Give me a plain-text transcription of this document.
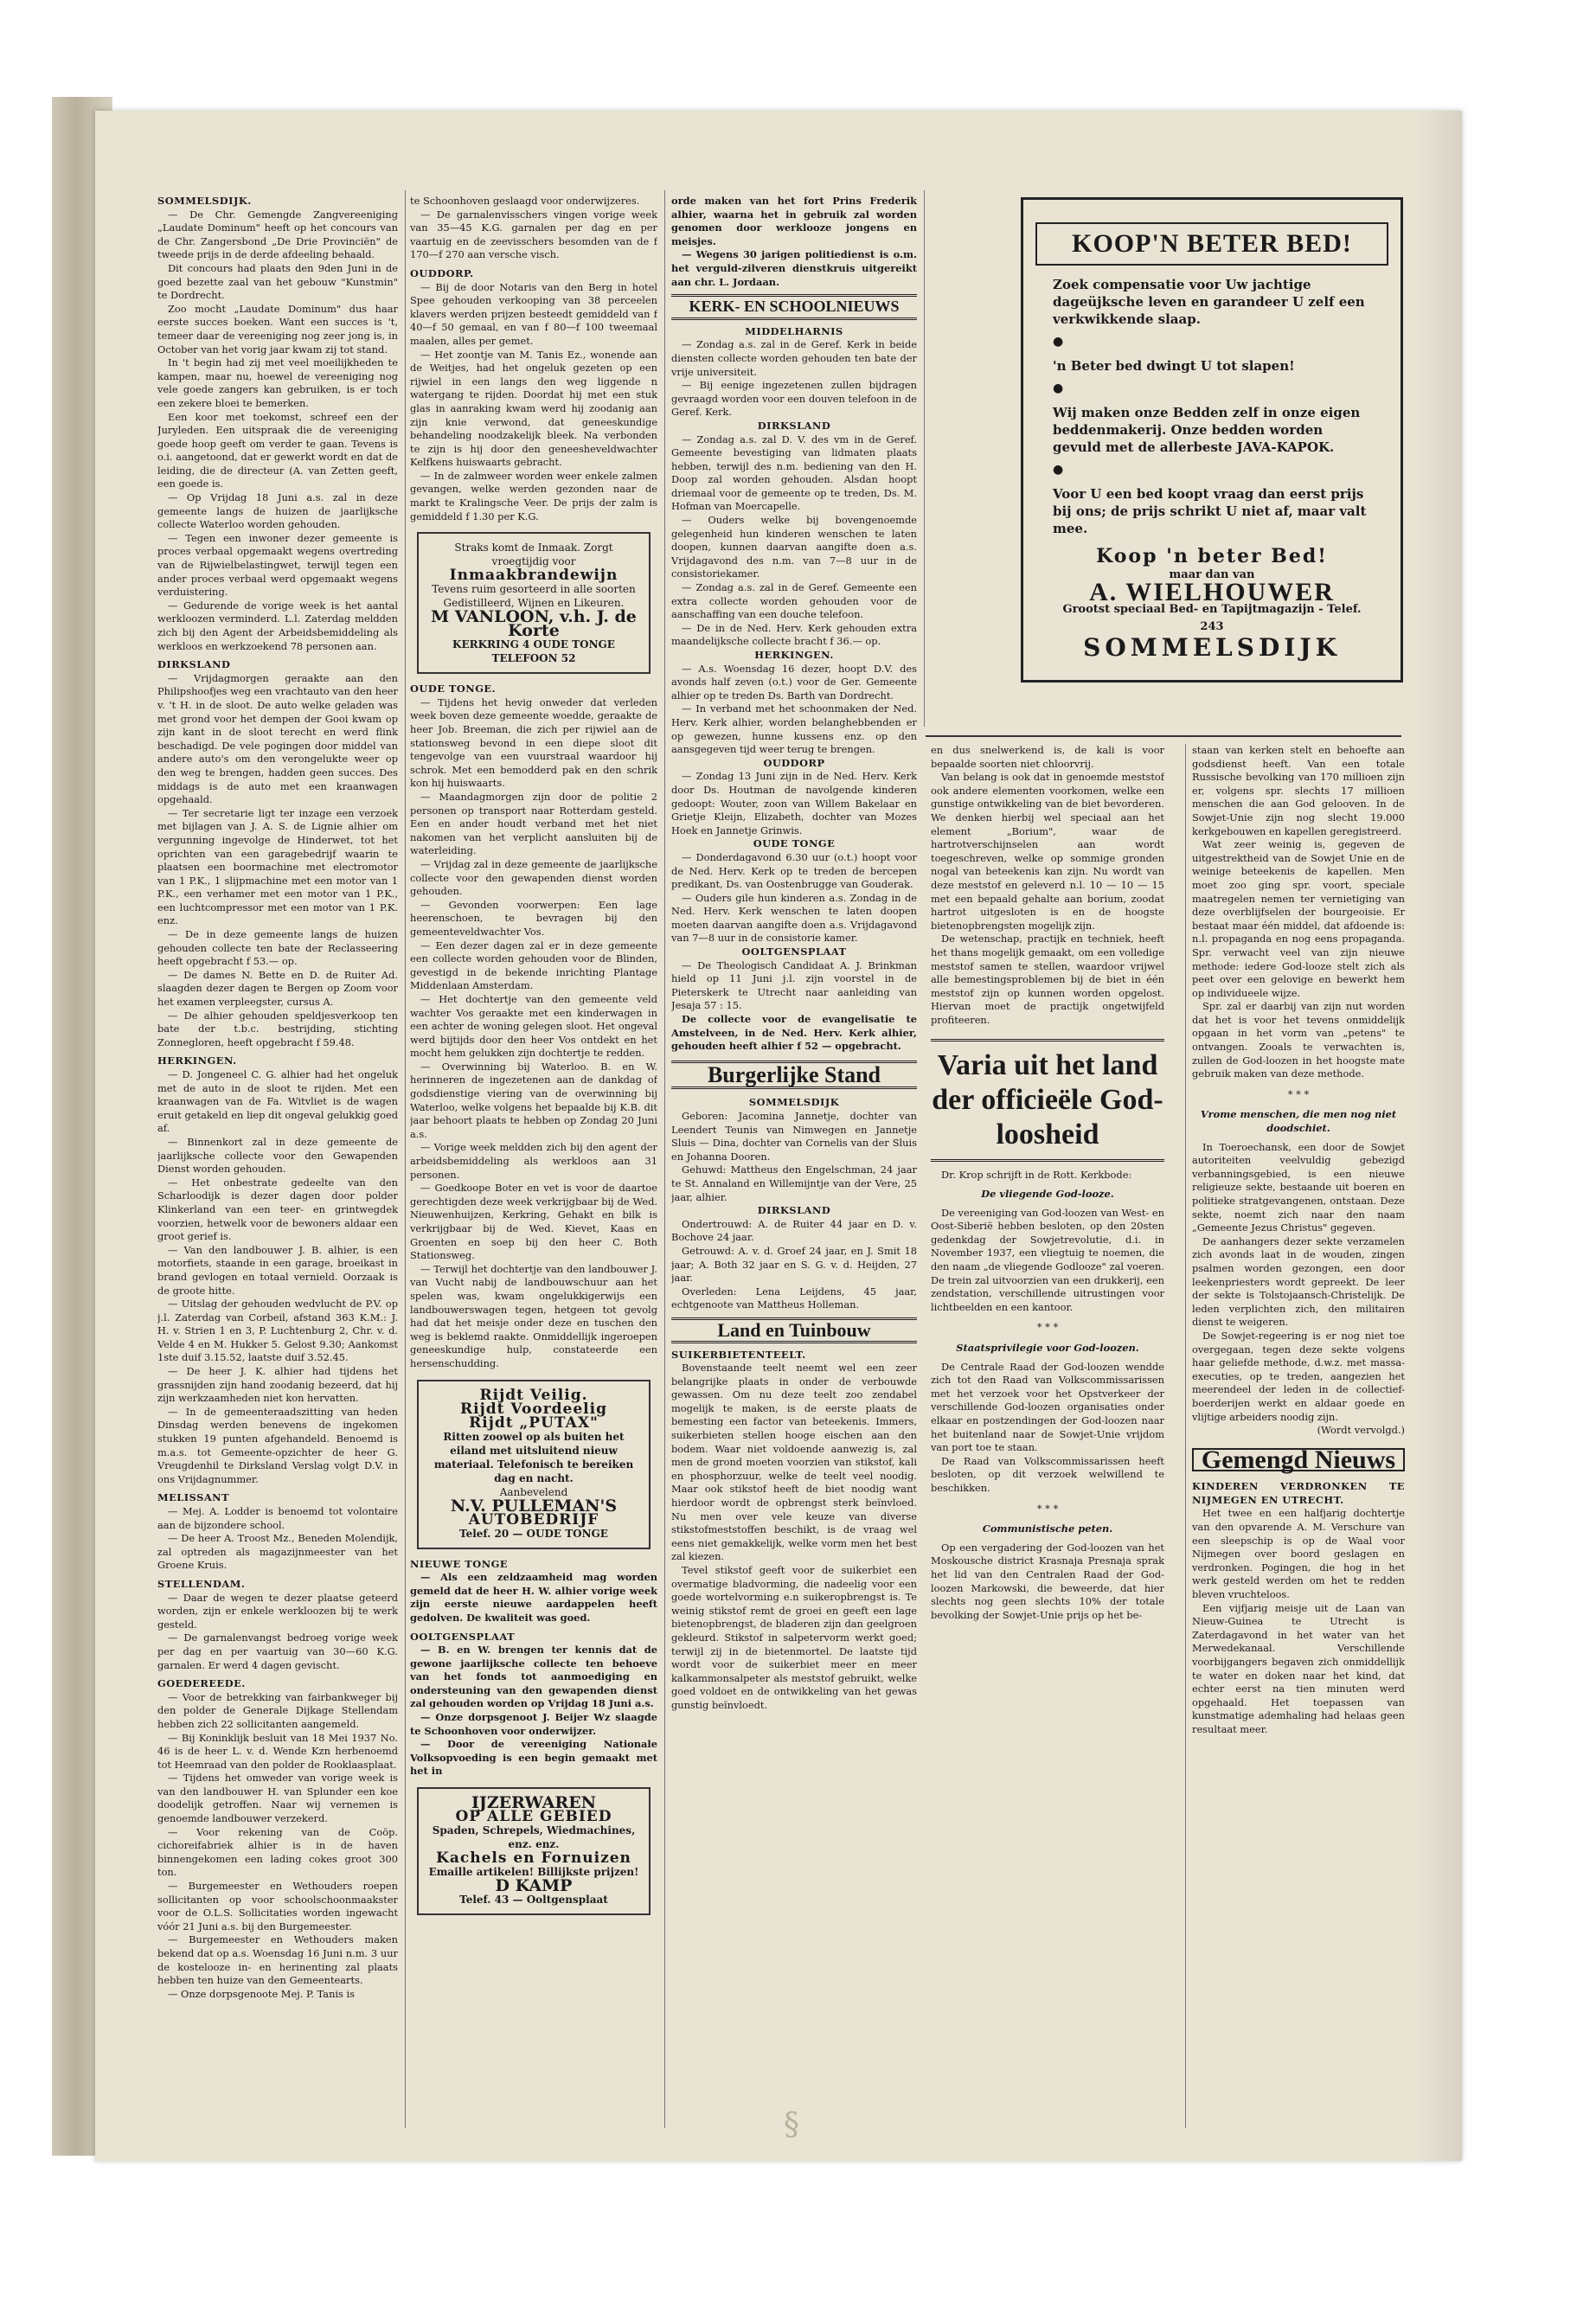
SOMMELSDIJK.

— De Chr. Gemengde Zangvereeniging „Laudate Dominum" heeft op het concours van de Chr. Zangersbond „De Drie Provinciën" de tweede prijs in de derde afdeeling behaald.

Dit concours had plaats den 9den Juni in de goed bezette zaal van het gebouw "Kunstmin" te Dordrecht.

Zoo mocht „Laudate Dominum" dus haar eerste succes boeken. Want een succes is 't, temeer daar de vereeniging nog zeer jong is, in October van het vorig jaar kwam zij tot stand.

In 't begin had zij met veel moeilijkheden te kampen, maar nu, hoewel de vereeniging nog vele goede zangers kan gebruiken, is er toch een zekere bloei te bemerken.

Een koor met toekomst, schreef een der Juryleden. Een uitspraak die de vereeniging goede hoop geeft om verder te gaan. Tevens is o.i. aangetoond, dat er gewerkt wordt en dat de leiding, die de directeur (A. van Zetten geeft, een goede is.

— Op Vrijdag 18 Juni a.s. zal in deze gemeente langs de huizen de jaarlijksche collecte Waterloo worden gehouden.

— Tegen een inwoner dezer gemeente is proces verbaal opgemaakt wegens overtreding van de Rijwielbelastingwet, terwijl tegen een ander proces verbaal werd opgemaakt wegens verduistering.

— Gedurende de vorige week is het aantal werkloozen verminderd. L.l. Zaterdag meldden zich bij den Agent der Arbeidsbemiddeling als werkloos en werkzoekend 78 personen aan.

DIRKSLAND

— Vrijdagmorgen geraakte aan den Philipshoofjes weg een vrachtauto van den heer v. 't H. in de sloot. De auto welke geladen was met grond voor het dempen der Gooi kwam op zijn kant in de sloot terecht en werd flink beschadigd. De vele pogingen door middel van andere auto's om den verongelukte weer op den weg te brengen, hadden geen succes. Des middags is de auto met een kraanwagen opgehaald.

— Ter secretarie ligt ter inzage een verzoek met bijlagen van J. A. S. de Lignie alhier om vergunning ingevolge de Hinderwet, tot het oprichten van een garagebedrijf waarin te plaatsen een boormachine met electromotor van 1 P.K., 1 slijpmachine met een motor van 1 P.K., een verhamer met een motor van 1 P.K., een luchtcompressor met een motor van 1 P.K. enz.

— De in deze gemeente langs de huizen gehouden collecte ten bate der Reclasseering heeft opgebracht f 53.— op.

— De dames N. Bette en D. de Ruiter Ad. slaagden dezer dagen te Bergen op Zoom voor het examen verpleegster, cursus A.

— De alhier gehouden speldjesverkoop ten bate der t.b.c. bestrijding, stichting Zonnegloren, heeft opgebracht f 59.48.

HERKINGEN.

— D. Jongeneel C. G. alhier had het ongeluk met de auto in de sloot te rijden. Met een kraanwagen van de Fa. Witvliet is de wagen eruit getakeld en liep dit ongeval gelukkig goed af.

— Binnenkort zal in deze gemeente de jaarlijksche collecte voor den Gewapenden Dienst worden gehouden.

— Het onbestrate gedeelte van den Scharloodijk is dezer dagen door polder Klinkerland van een teer- en grintwegdek voorzien, hetwelk voor de bewoners aldaar een groot gerief is.

— Van den landbouwer J. B. alhier, is een motorfiets, staande in een garage, broeikast in brand gevlogen en totaal vernield. Oorzaak is de groote hitte.

— Uitslag der gehouden wedvlucht de P.V. op j.l. Zaterdag van Corbeil, afstand 363 K.M.: J. H. v. Strien 1 en 3, P. Luchtenburg 2, Chr. v. d. Velde 4 en M. Hukker 5. Gelost 9.30; Aankomst 1ste duif 3.15.52, laatste duif 3.52.45.

— De heer J. K. alhier had tijdens het grassnijden zijn hand zoodanig bezeerd, dat hij zijn werkzaamheden niet kon hervatten.

— In de gemeenteraadszitting van heden Dinsdag werden benevens de ingekomen stukken 19 punten afgehandeld. Benoemd is m.a.s. tot Gemeente-opzichter de heer G. Vreugdenhil te Dirksland Verslag volgt D.V. in ons Vrijdagnummer.

MELISSANT

— Mej. A. Lodder is benoemd tot volontaire aan de bijzondere school.

— De heer A. Troost Mz., Beneden Molendijk, zal optreden als magazijnmeester van het Groene Kruis.

STELLENDAM.

— Daar de wegen te dezer plaatse geteerd worden, zijn er enkele werkloozen bij te werk gesteld.

— De garnalenvangst bedroeg vorige week per dag en per vaartuig van 30—60 K.G. garnalen. Er werd 4 dagen gevischt.

GOEDEREEDE.

— Voor de betrekking van fairbankweger bij den polder de Generale Dijkage Stellendam hebben zich 22 sollicitanten aangemeld.

— Bij Koninklijk besluit van 18 Mei 1937 No. 46 is de heer L. v. d. Wende Kzn herbenoemd tot Heemraad van den polder de Rooklaasplaat.

— Tijdens het omweder van vorige week is van den landbouwer H. van Splunder een koe doodelijk getroffen. Naar wij vernemen is genoemde landbouwer verzekerd.

— Voor rekening van de Coöp. cichoreifabriek alhier is in de haven binnengekomen een lading cokes groot 300 ton.

— Burgemeester en Wethouders roepen sollicitanten op voor schoolschoonmaakster voor de O.L.S. Sollicitaties worden ingewacht vóór 21 Juni a.s. bij den Burgemeester.

— Burgemeester en Wethouders maken bekend dat op a.s. Woensdag 16 Juni n.m. 3 uur de kostelooze in- en herinenting zal plaats hebben ten huize van den Gemeentearts.

— Onze dorpsgenoote Mej. P. Tanis is

te Schoonhoven geslaagd voor onderwijzeres.

— De garnalenvisschers vingen vorige week van 35—45 K.G. garnalen per dag en per vaartuig en de zeevisschers besomden van de f 170—f 270 aan versche visch.

OUDDORP.

— Bij de door Notaris van den Berg in hotel Spee gehouden verkooping van 38 perceelen klavers werden prijzen besteedt gemiddeld van f 40—f 50 gemaal, en van f 80—f 100 tweemaal maalen, alles per gemet.

— Het zoontje van M. Tanis Ez., wonende aan de Weitjes, had het ongeluk gezeten op een rijwiel in een langs den weg liggende n watergang te rijden. Doordat hij met een stuk glas in aanraking kwam werd hij zoodanig aan zijn knie verwond, dat geneeskundige behandeling noodzakelijk bleek. Na verbonden te zijn is hij door den geneesheveldwachter Kelfkens huiswaarts gebracht.

— In de zalmweer worden weer enkele zalmen gevangen, welke werden gezonden naar de markt te Kralingsche Veer. De prijs der zalm is gemiddeld f 1.30 per K.G.

Straks komt de Inmaak. Zorgt vroegtijdig voor
Inmaakbrandewijn
Tevens ruim gesorteerd in alle soorten Gedistilleerd, Wijnen en Likeuren.
M VANLOON, v.h. J. de Korte
KERKRING 4 OUDE TONGE
TELEFOON 52
OUDE TONGE.

— Tijdens het hevig onweder dat verleden week boven deze gemeente woedde, geraakte de heer Job. Breeman, die zich per rijwiel aan de stationsweg bevond in een diepe sloot dit tengevolge van een vuurstraal waardoor hij schrok. Met een bemodderd pak en den schrik kon hij huiswaarts.

— Maandagmorgen zijn door de politie 2 personen op transport naar Rotterdam gesteld. Een en ander houdt verband met het niet nakomen van het verplicht aansluiten bij de waterleiding.

— Vrijdag zal in deze gemeente de jaarlijksche collecte voor den gewapenden dienst worden gehouden.

— Gevonden voorwerpen: Een lage heerenschoen, te bevragen bij den gemeenteveldwachter Vos.

— Een dezer dagen zal er in deze gemeente een collecte worden gehouden voor de Blinden, gevestigd in de bekende inrichting Plantage Middenlaan Amsterdam.

— Het dochtertje van den gemeente veld wachter Vos geraakte met een kinderwagen in een achter de woning gelegen sloot. Het ongeval werd bijtijds door den heer Vos ontdekt en het mocht hem gelukken zijn dochtertje te redden.

— Overwinning bij Waterloo. B. en W. herinneren de ingezetenen aan de dankdag of godsdienstige viering van de overwinning bij Waterloo, welke volgens het bepaalde bij K.B. dit jaar behoort plaats te hebben op Zondag 20 Juni a.s.

— Vorige week meldden zich bij den agent der arbeidsbemiddeling als werkloos aan 31 personen.

— Goedkoope Boter en vet is voor de daartoe gerechtigden deze week verkrijgbaar bij de Wed. Nieuwenhuijzen, Kerkring, Gehakt en bilk is verkrijgbaar bij de Wed. Kievet, Kaas en Groenten en soep bij den heer C. Both Stationsweg.

— Terwijl het dochtertje van den landbouwer J. van Vucht nabij de landbouwschuur aan het spelen was, kwam ongelukkigerwijs een landbouwerswagen tegen, hetgeen tot gevolg had dat het meisje onder deze en tuschen den weg is beklemd raakte. Onmiddellijk ingeroepen geneeskundige hulp, constateerde een hersenschudding.

Rijdt Veilig.
Rijdt Voordeelig
Rijdt „PUTAX"
Ritten zoowel op als buiten het eiland met uitsluitend nieuw materiaal. Telefonisch te bereiken dag en nacht.
Aanbevelend
N.V. PULLEMAN'S
AUTOBEDRIJF
Telef. 20 — OUDE TONGE
NIEUWE TONGE

— Als een zeldzaamheid mag worden gemeld dat de heer H. W. alhier vorige week zijn eerste nieuwe aardappelen heeft gedolven. De kwaliteit was goed.

OOLTGENSPLAAT

— B. en W. brengen ter kennis dat de gewone jaarlijksche collecte ten behoeve van het fonds tot aanmoediging en ondersteuning van den gewapenden dienst zal gehouden worden op Vrijdag 18 Juni a.s.

— Onze dorpsgenoot J. Beijer Wz slaagde te Schoonhoven voor onderwijzer.

— Door de vereeniging Nationale Volksopvoeding is een begin gemaakt met het in

IJZERWAREN
OP ALLE GEBIED
Spaden, Schrepels, Wiedmachines, enz. enz.
Kachels en Fornuizen
Emaille artikelen! Billijkste prijzen!
D KAMP
Telef. 43 — Ooltgensplaat

orde maken van het fort Prins Frederik alhier, waarna het in gebruik zal worden genomen door werklooze jongens en meisjes.

— Wegens 30 jarigen politiedienst is o.m. het verguld-zilveren dienstkruis uitgereikt aan chr. L. Jordaan.

KERK- EN SCHOOLNIEUWS
MIDDELHARNIS

— Zondag a.s. zal in de Geref. Kerk in beide diensten collecte worden gehouden ten bate der vrije universiteit.

— Bij eenige ingezetenen zullen bijdragen gevraagd worden voor een douven telefoon in de Geref. Kerk.

DIRKSLAND

— Zondag a.s. zal D. V. des vm in de Geref. Gemeente bevestiging van lidmaten plaats hebben, terwijl des n.m. bediening van den H. Doop zal worden gehouden. Alsdan hoopt driemaal voor de gemeente op te treden, Ds. M. Hofman van Moercapelle.

— Ouders welke bij bovengenoemde gelegenheid hun kinderen wenschen te laten doopen, kunnen daarvan aangifte doen a.s. Vrijdagavond des n.m. van 7—8 uur in de consistoriekamer.

— Zondag a.s. zal in de Geref. Gemeente een extra collecte worden gehouden voor de aanschaffing van een douche telefoon.

— De in de Ned. Herv. Kerk gehouden extra maandelijksche collecte bracht f 36.— op.

HERKINGEN.

— A.s. Woensdag 16 dezer, hoopt D.V. des avonds half zeven (o.t.) voor de Ger. Gemeente alhier op te treden Ds. Barth van Dordrecht.

— In verband met het schoonmaken der Ned. Herv. Kerk alhier, worden belanghebbenden er op gewezen, hunne kussens enz. op den aansgegeven tijd weer terug te brengen.

OUDDORP

— Zondag 13 Juni zijn in de Ned. Herv. Kerk door Ds. Houtman de navolgende kinderen gedoopt: Wouter, zoon van Willem Bakelaar en Grietje Kleijn, Elizabeth, dochter van Mozes Hoek en Jannetje Grinwis.

OUDE TONGE

— Donderdagavond 6.30 uur (o.t.) hoopt voor de Ned. Herv. Kerk op te treden de bercepen predikant, Ds. van Oostenbrugge van Gouderak.

— Ouders gile hun kinderen a.s. Zondag in de Ned. Herv. Kerk wenschen te laten doopen moeten daarvan aangifte doen a.s. Vrijdagavond van 7—8 uur in de consistorie kamer.

OOLTGENSPLAAT

— De Theologisch Candidaat A. J. Brinkman hield op 11 Juni j.l. zijn voorstel in de Pieterskerk te Utrecht naar aanleiding van Jesaja 57 : 15.

De collecte voor de evangelisatie te Amstelveen, in de Ned. Herv. Kerk alhier, gehouden heeft alhier f 52 — opgebracht.

Burgerlijke Stand
SOMMELSDIJK

Geboren: Jacomina Jannetje, dochter van Leendert Teunis van Nimwegen en Jannetje Sluis — Dina, dochter van Cornelis van der Sluis en Johanna Dooren.

Gehuwd: Mattheus den Engelschman, 24 jaar te St. Annaland en Willemijntje van der Vere, 25 jaar, alhier.

DIRKSLAND

Ondertrouwd: A. de Ruiter 44 jaar en D. v. Bochove 24 jaar.

Getrouwd: A. v. d. Groef 24 jaar, en J. Smit 18 jaar; A. Both 32 jaar en S. G. v. d. Heijden, 27 jaar.

Overleden: Lena Leijdens, 45 jaar, echtgenoote van Mattheus Holleman.

Land en Tuinbouw
SUIKERBIETENTEELT.

Bovenstaande teelt neemt wel een zeer belangrijke plaats in onder de verbouwde gewassen. Om nu deze teelt zoo zendabel mogelijk te maken, is de eerste plaats de bemesting een factor van beteekenis. Immers, suikerbieten stellen hooge eischen aan den bodem. Waar niet voldoende aanwezig is, zal men de grond moeten voorzien van stikstof, kali en phosphorzuur, welke de teelt veel noodig. Maar ook stikstof heeft de biet noodig want hierdoor wordt de opbrengst sterk beïnvloed. Nu men over vele keuze van diverse stikstofmeststoffen beschikt, is de vraag wel eens niet gemakkelijk, welke vorm men het best zal kiezen.

Tevel stikstof geeft voor de suikerbiet een overmatige bladvorming, die nadeelig voor een goede wortelvorming e.n suikeropbrengst is. Te weinig stikstof remt de groei en geeft een lage bietenopbrengst, de bladeren zijn dan geelgroen gekleurd. Stikstof in salpetervorm werkt goed; terwijl zij in de bietenmortel. De laatste tijd wordt voor de suikerbiet meer en meer kalkammonsalpeter als meststof gebruikt, welke goed voldoet en de ontwikkeling van het gewas gunstig beïnvloedt.

KOOP'N BETER BED!
Zoek compensatie voor Uw jachtige dageüjksche leven en garandeer U zelf een verkwikkende slaap.
●
'n Beter bed dwingt U tot slapen!
●
Wij maken onze Bedden zelf in onze eigen beddenmakerij. Onze bedden worden gevuld met de allerbeste JAVA-KAPOK.
●
Voor U een bed koopt vraag dan eerst prijs bij ons; de prijs schrikt U niet af, maar valt mee.
Koop 'n beter Bed!
maar dan van
A. WIELHOUWER
Grootst speciaal Bed- en Tapijtmagazijn - Telef. 243
SOMMELSDIJK

en dus snelwerkend is, de kali is voor bepaalde soorten niet chloorvrij.

Van belang is ook dat in genoemde meststof ook andere elementen voorkomen, welke een gunstige ontwikkeling van de biet bevorderen. We denken hierbij wel speciaal aan het element „Borium", waar de hartrotverschijnselen aan wordt toegeschreven, welke op sommige gronden nogal van beteekenis kan zijn. Nu wordt van deze meststof en geleverd n.l. 10 — 10 — 15 met een bepaald gehalte aan borium, zoodat hartrot uitgesloten is en de hoogste bietenopbrengsten mogelijk zijn.

De wetenschap, practijk en techniek, heeft het thans mogelijk gemaakt, om een volledige meststof samen te stellen, waardoor vrijwel alle bemestingsproblemen bij de biet in één meststof zijn op kunnen worden opgelost. Hiervan moet de practijk ongetwijfeld profiteeren.

Varia uit het land der officieële God-loosheid

Dr. Krop schrijft in de Rott. Kerkbode:

De vliegende God-looze.

De vereeniging van God-loozen van West- en Oost-Siberië hebben besloten, op den 20sten gedenkdag der Sowjetrevolutie, d.i. in November 1937, een vliegtuig te noemen, die den naam „de vliegende Godlooze" zal voeren. De trein zal uitvoorzien van een drukkerij, een zendstation, verschillende uitrustingen voor lichtbeelden en een kantoor.

* * *
Staatsprivilegie voor God-loozen.

De Centrale Raad der God-loozen wendde zich tot den Raad van Volkscommissarissen met het verzoek voor het Opstverkeer der verschillende God-loozen organisaties onder elkaar en postzendingen der God-loozen naar het buitenland naar de Sowjet-Unie vrijdom van port toe te staan.

De Raad van Volkscommissarissen heeft besloten, op dit verzoek welwillend te beschikken.

* * *
Communistische peten.

Op een vergadering der God-loozen van het Moskousche district Krasnaja Presnaja sprak het lid van den Centralen Raad der God-loozen Markowski, die beweerde, dat hier slechts nog geen slechts 10% der totale bevolking der Sowjet-Unie prijs op het be-

staan van kerken stelt en behoefte aan godsdienst heeft. Van een totale Russische bevolking van 170 millioen zijn er, volgens spr. slechts 17 millioen menschen die aan God gelooven. In de Sowjet-Unie zijn nog slecht 19.000 kerkgebouwen en kapellen geregistreerd.

Wat zeer weinig is, gegeven de uitgestrektheid van de Sowjet Unie en de weinige beteekenis de kapellen. Men moet zoo ging spr. voort, speciale maatregelen nemen ter vernietiging van deze overblijfselen der bourgeoisie. Er bestaat maar één middel, dat afdoende is: n.l. propaganda en nog eens propaganda. Spr. verwacht veel van zijn nieuwe methode: iedere God-looze stelt zich als peet over een gelovige en bewerkt hem op individueele wijze.

Spr. zal er daarbij van zijn nut worden dat het is voor het tevens onmiddelijk opgaan in het vorm van „petens" te ontvangen. Zooals te verwachten is, zullen de God-loozen in het hoogste mate gebruik maken van deze methode.

* * *
Vrome menschen, die men nog niet doodschiet.

In Toeroechansk, een door de Sowjet autoriteiten veelvuldig gebezigd verbanningsgebied, is een nieuwe religieuze sekte, bestaande uit boeren en politieke stratgevangenen, ontstaan. Deze sekte, noemt zich naar den naam „Gemeente Jezus Christus" gegeven.

De aanhangers dezer sekte verzamelen zich avonds laat in de wouden, zingen psalmen worden gezongen, een door leekenpriesters wordt gepreekt. De leer der sekte is Tolstojaansch-Christelijk. De leden verplichten zich, den militairen dienst te weigeren.

De Sowjet-regeering is er nog niet toe overgegaan, tegen deze sekte volgens haar geliefde methode, d.w.z. met massa-executies, op te treden, aangezien het meerendeel der leden in de collectief-boerderijen werkt en aldaar goede en vlijtige arbeiders noodig zijn.

(Wordt vervolgd.)
Gemengd Nieuws
KINDEREN VERDRONKEN TE NIJMEGEN EN UTRECHT.

Het twee en een halfjarig dochtertje van den opvarende A. M. Verschure van een sleepschip is op de Waal voor Nijmegen over boord geslagen en verdronken. Pogingen, die hog in het werk gesteld werden om het te redden bleven vruchteloos.

Een vijfjarig meisje uit de Laan van Nieuw-Guinea te Utrecht is Zaterdagavond in het water van het Merwedekanaal. Verschillende voorbijgangers begaven zich onmiddellijk te water en doken naar het kind, dat echter eerst na tien minuten werd opgehaald. Het toepassen van kunstmatige ademhaling had helaas geen resultaat meer.

§
